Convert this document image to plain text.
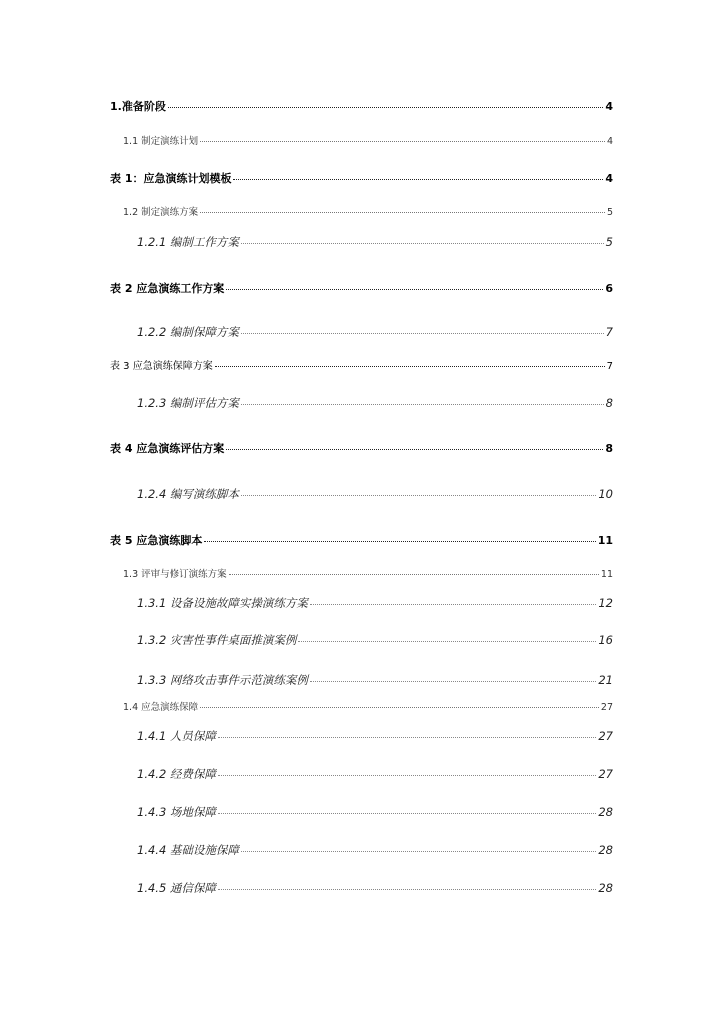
1.准备阶段	4
1.1 制定演练计划	4
表 1：应急演练计划模板	4
1.2 制定演练方案	5
1.2.1 编制工作方案	5
表 2 应急演练工作方案	6
1.2.2 编制保障方案	7
表 3 应急演练保障方案	7
1.2.3 编制评估方案	8
表 4 应急演练评估方案	8
1.2.4 编写演练脚本	10
表 5 应急演练脚本	11
1.3 评审与修订演练方案	11
1.3.1 设备设施故障实操演练方案	12
1.3.2 灾害性事件桌面推演案例	16
1.3.3 网络攻击事件示范演练案例	21
1.4 应急演练保障	27
1.4.1 人员保障	27
1.4.2 经费保障	27
1.4.3 场地保障	28
1.4.4 基础设施保障	28
1.4.5 通信保障	28
